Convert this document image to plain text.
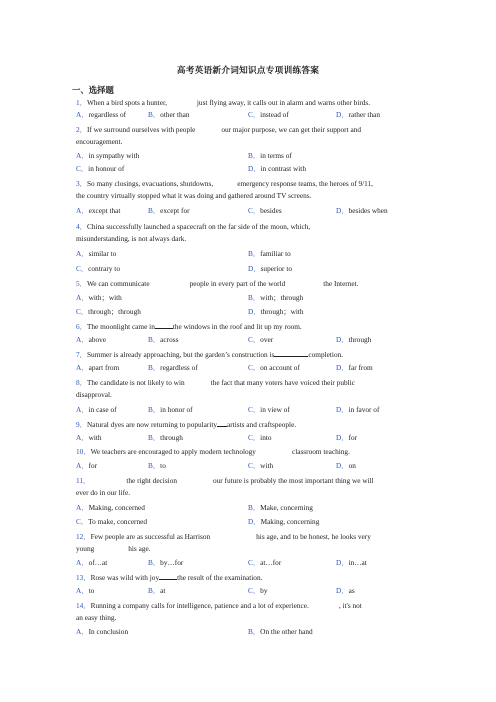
高考英语新介词知识点专项训练答案
一、选择题
1．When a bird spots a hunter,	just flying away, it calls out in alarm and warns other birds.
A．regardless of	B．other than	C．instead of	D．rather than
2．If we surround ourselves with people	our major purpose, we can get their support and
encouragement.
A．in sympathy with	B．in terms of
C．in honour of	D．in contrast with
3．So many closings, evacuations, shutdowns,	emergency response teams, the heroes of 9/11,
the country virtually stopped what it was doing and gathered around TV screens.
A．except that	B．except for	C．besides	D．besides when
4．China successfully launched a spacecraft on the far side of the moon, which,
misunderstanding, is not always dark.
A．similar to	B．familiar to
C．contrary to	D．superior to
5．We can communicate	people in every part of the world	the Internet.
A．with；with	B．with；through
C．through；through	D．through；with
6．The moonlight came in the windows in the roof and lit up my room.
A．above	B．across	C．over	D．through
7．Summer is already approaching, but the garden’s construction is	completion.
A．apart from	B．regardless of	C．on account of	D．far from
8．The candidate is not likely to win	the fact that many voters have voiced their public
disapproval.
A．in case of	B．in honor of	C．in view of	D．in favor of
9．Natural dyes are now returning to popularity artists and craftspeople.
A．with	B．through	C．into	D．for
10．We teachers are encouraged to apply modern technology	classroom teaching.
A．for	B．to	C．with	D．on
11．	the right decision	our future is probably the most important thing we will
ever do in our life.
A．Making, concerned	B．Make, concerning
C．To make, concerned	D．Making, concerning
12．Few people are as successful as Harrison	his age, and to be honest, he looks very
young	his age.
A．of…at	B．by…for	C．at…for	D．in…at
13．Rose was wild with joy the result of the examination.
A．to	B．at	C．by	D．as
14．Running a company calls for intelligence, patience and a lot of experience.	, it's not
an easy thing.
A．In conclusion	B．On the other hand
